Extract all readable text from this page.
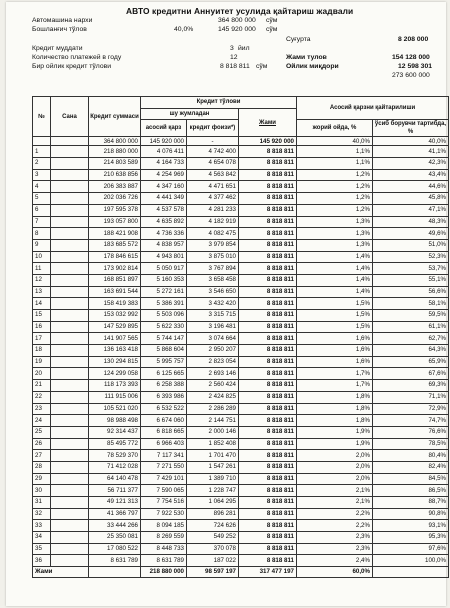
АВТО кредитни Аннуитет усулида қайтариш жадвали
Автомашина нархи	364 800 000 сўм
Бошланғич тўлов	40,0%	145 920 000 сўм
Кредит муддати	3 йил
Количество платежей в году	12
Бир ойлик кредит тўлови	8 818 811 сўм
Суғурта	8 208 000
Жами тулов	154 128 000
Ойлик миқдори	12 598 301
273 600 000
№	Сана	Кредит суммаси	Кредит тўлови			Асосий қарзни қайтарилиши	
			шу жумладан		Жами		
			асосий қарз	кредит фоизи*)		жорий ойда, %	ўсиб борувчи тартибда, %
		364 800 000	145 920 000	-	145 920 000	40,0%	40,0%
1		218 880 000	4 076 411	4 742 400	8 818 811	1,1%	41,1%
2		214 803 589	4 164 733	4 654 078	8 818 811	1,1%	42,3%
3		210 638 856	4 254 969	4 563 842	8 818 811	1,2%	43,4%
4		206 383 887	4 347 160	4 471 651	8 818 811	1,2%	44,6%
5		202 036 726	4 441 349	4 377 462	8 818 811	1,2%	45,8%
6		197 595 378	4 537 578	4 281 233	8 818 811	1,2%	47,1%
7		193 057 800	4 635 892	4 182 919	8 818 811	1,3%	48,3%
8		188 421 908	4 736 336	4 082 475	8 818 811	1,3%	49,6%
9		183 685 572	4 838 957	3 979 854	8 818 811	1,3%	51,0%
10		178 846 615	4 943 801	3 875 010	8 818 811	1,4%	52,3%
11		173 902 814	5 050 917	3 767 894	8 818 811	1,4%	53,7%
12		168 851 897	5 160 353	3 658 458	8 818 811	1,4%	55,1%
13		163 691 544	5 272 161	3 546 650	8 818 811	1,4%	56,6%
14		158 419 383	5 386 391	3 432 420	8 818 811	1,5%	58,1%
15		153 032 992	5 503 096	3 315 715	8 818 811	1,5%	59,5%
16		147 529 895	5 622 330	3 196 481	8 818 811	1,5%	61,1%
17		141 907 565	5 744 147	3 074 664	8 818 811	1,6%	62,7%
18		136 163 418	5 868 604	2 950 207	8 818 811	1,6%	64,3%
19		130 294 815	5 995 757	2 823 054	8 818 811	1,6%	65,9%
20		124 299 058	6 125 665	2 693 146	8 818 811	1,7%	67,6%
21		118 173 393	6 258 388	2 560 424	8 818 811	1,7%	69,3%
22		111 915 006	6 393 986	2 424 825	8 818 811	1,8%	71,1%
23		105 521 020	6 532 522	2 286 289	8 818 811	1,8%	72,9%
24		98 988 498	6 674 060	2 144 751	8 818 811	1,8%	74,7%
25		92 314 437	6 818 665	2 000 146	8 818 811	1,9%	76,6%
26		85 495 772	6 966 403	1 852 408	8 818 811	1,9%	78,5%
27		78 529 370	7 117 341	1 701 470	8 818 811	2,0%	80,4%
28		71 412 028	7 271 550	1 547 261	8 818 811	2,0%	82,4%
29		64 140 478	7 429 101	1 389 710	8 818 811	2,0%	84,5%
30		56 711 377	7 590 065	1 228 747	8 818 811	2,1%	86,5%
31		49 121 313	7 754 516	1 064 295	8 818 811	2,1%	88,7%
32		41 366 797	7 922 530	896 281	8 818 811	2,2%	90,8%
33		33 444 266	8 094 185	724 626	8 818 811	2,2%	93,1%
34		25 350 081	8 269 559	549 252	8 818 811	2,3%	95,3%
35		17 080 522	8 448 733	370 078	8 818 811	2,3%	97,6%
36		8 631 789	8 631 789	187 022	8 818 811	2,4%	100,0%
Жами			218 880 000	98 597 197	317 477 197	60,0%	
